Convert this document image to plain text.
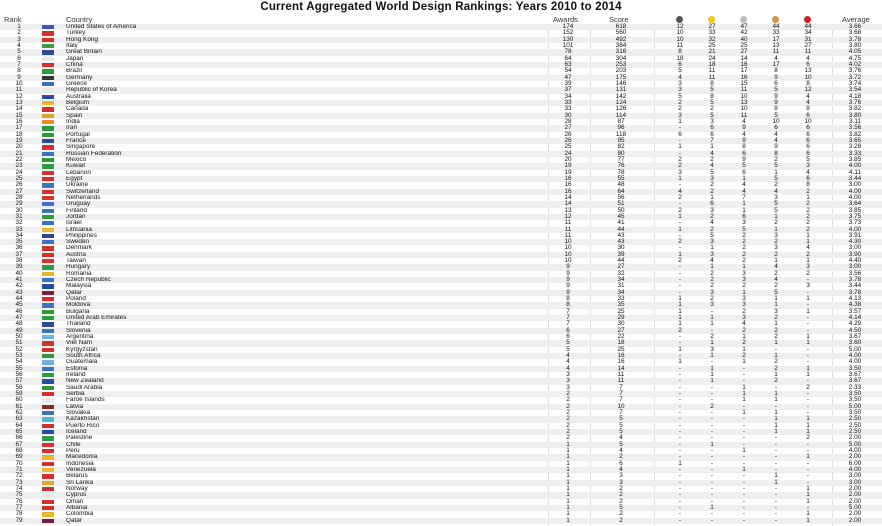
Current Aggregated World Design Rankings: Years 2010 to 2014
Rank	Country	Awards	Score	Average
1	United States of America	174	618	12	27	47	44	44	3.66
2	Turkey	152	560	10	33	42	33	34	3.68
3	Hong Kong	130	492	10	32	40	17	31	3.78
4	Italy	101	384	11	25	25	13	27	3.80
5	Great Britain	78	316	8	21	27	11	11	4.05
6	Japan	64	304	18	24	14	4	4	4.75
7	China	63	253	6	18	16	17	6	4.02
8	Brazil	54	203	5	11	17	8	13	3.76
9	Germany	47	175	4	11	16	9	10	3.72
10	Greece	39	146	3	8	15	6	8	3.74
11	Republic of Korea	37	131	3	5	11	5	12	3.54
12	Australia	34	142	5	8	10	9	4	4.18
13	Belgium	33	124	2	5	13	9	4	3.76
14	Canada	33	126	2	2	10	8	8	3.82
15	Spain	30	114	3	5	11	5	6	3.80
16	India	28	87	1	3	4	10	10	3.11
17	Iran	27	96	-	6	9	6	6	3.56
18	Portugal	26	118	6	6	4	4	6	3.82
19	France	26	95	-	7	9	4	6	3.65
20	Singapore	25	82	1	1	8	9	6	3.28
21	Russian Federation	24	80	-	4	6	8	6	3.33
22	Mexico	20	77	2	2	9	2	5	3.85
23	Kuwait	19	76	2	4	5	5	3	4.00
24	Lebanon	19	78	3	5	6	1	4	4.11
25	Egypt	16	55	1	3	1	5	6	3.44
26	Ukraine	16	48	-	2	4	2	8	3.00
27	Switzerland	16	64	4	2	4	4	2	4.00
28	Netherlands	14	56	2	1	7	3	1	4.00
29	Uruguay	14	51	-	6	1	5	2	3.64
30	Finland	13	50	2	3	1	5	2	3.85
31	Jordan	12	45	1	2	6	1	2	3.75
32	Israel	11	41	-	4	3	2	2	3.73
33	Lithuania	11	44	1	2	5	1	2	4.00
34	Philippines	11	43	-	5	2	3	1	3.91
35	Sweden	10	43	2	3	2	2	1	4.30
36	Denmark	10	30	-	1	2	3	4	3.00
37	Austria	10	39	1	3	2	2	2	3.90
38	Taiwan	10	44	2	4	2	1	1	4.40
39	Hungary	9	27	-	1	1	4	3	3.00
40	Romania	9	32	-	2	3	2	2	3.56
41	Czech Republic	9	34	-	2	3	4	-	3.78
42	Malaysia	9	31	-	2	2	2	3	3.44
43	Qatar	9	34	-	3	1	5	-	3.78
44	Poland	8	33	1	2	3	1	1	4.13
45	Moldova	8	35	1	3	3	1	-	4.38
46	Bulgaria	7	25	1	-	2	3	1	3.57
47	United Arab Emirates	7	29	1	1	3	2	-	4.14
48	Thailand	7	30	1	1	4	1	-	4.29
49	Slovenia	6	27	2	-	2	2	-	4.50
50	Argentina	6	22	-	2	1	2	1	3.67
51	Viet Nam	5	18	-	1	2	1	1	3.60
52	Kyrgyzstan	5	25	1	3	1	-	-	5.00
53	South Africa	4	16	-	1	2	1	-	4.00
54	Guatemala	4	16	1	-	1	2	-	4.00
55	Estonia	4	14	-	1	-	2	1	3.50
56	Ireland	3	11	-	1	-	1	1	3.67
57	New Zealand	3	11	-	1	-	2	-	3.67
58	Saudi Arabia	3	7	-	-	1	-	2	2.33
59	Serbia	2	7	-	-	1	1	-	3.50
60	Faroe Islands	2	7	-	-	1	1	-	3.50
61	Latvia	2	10	-	2	-	-	-	5.00
62	Slovakia	2	7	-	-	1	1	-	3.50
63	Kazakhstan	2	5	-	-	-	1	1	2.50
64	Puerto Rico	2	5	-	-	-	1	1	2.50
65	Iceland	2	5	-	-	-	1	1	2.50
66	Palestine	2	4	-	-	-	-	2	2.00
67	Chile	1	5	-	1	-	-	-	5.00
68	Peru	1	4	-	-	1	-	-	4.00
69	Macedonia	1	2	-	-	-	-	1	2.00
70	Indonesia	1	6	1	-	-	-	-	6.00
71	Venezuela	1	4	-	-	1	-	-	4.00
72	Belarus	1	3	-	-	-	1	-	3.00
73	Sri Lanka	1	3	-	-	-	1	-	3.00
74	Norway	1	2	-	-	-	-	1	2.00
75	Cyprus	1	2	-	-	-	-	1	2.00
76	Oman	1	2	-	-	-	-	1	2.00
77	Albania	1	5	-	1	-	-	-	5.00
78	Colombia	1	2	-	-	-	-	1	2.00
79	Qatar	1	2	-	-	-	-	1	2.00
